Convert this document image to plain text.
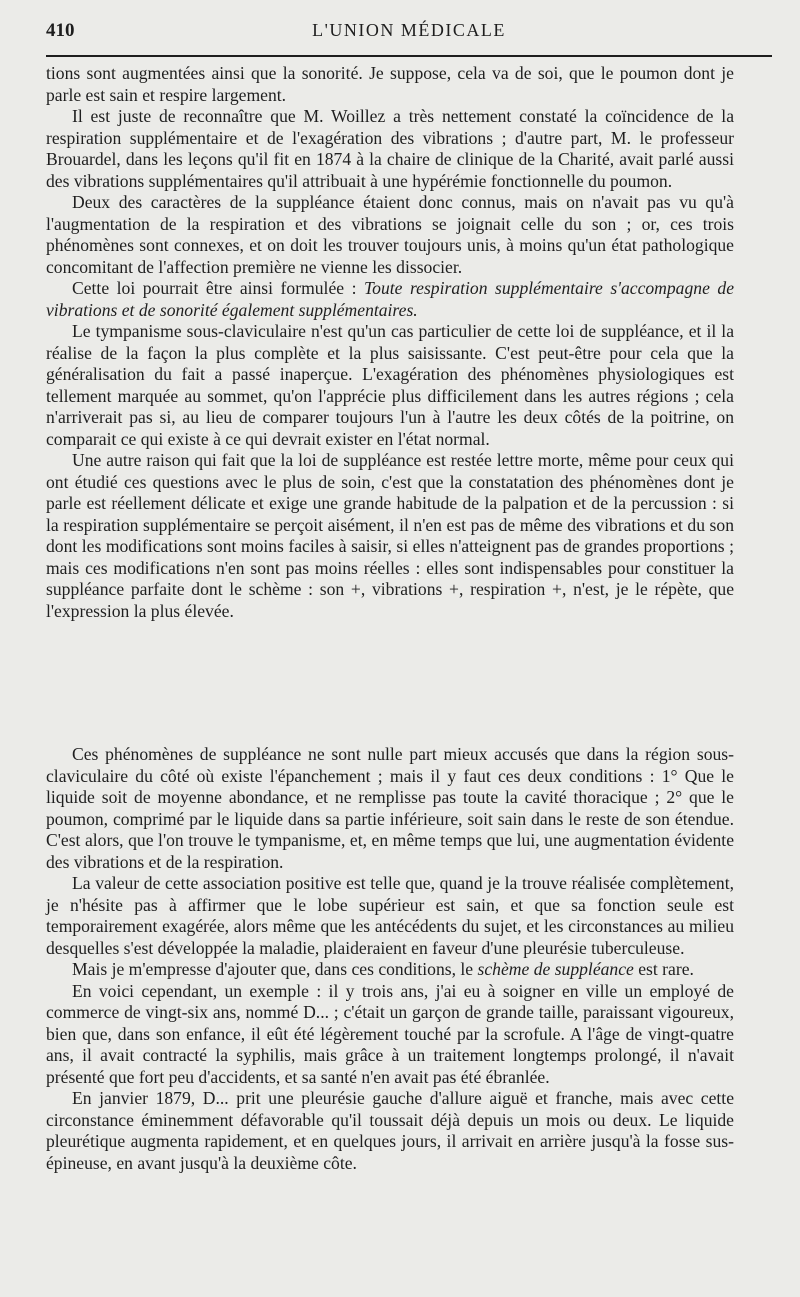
410	L'UNION MÉDICALE

tions sont augmentées ainsi que la sonorité. Je suppose, cela va de soi, que le poumon dont je parle est sain et respire largement.

Il est juste de reconnaître que M. Woillez a très nettement constaté la coïncidence de la respiration supplémentaire et de l'exagération des vibrations ; d'autre part, M. le professeur Brouardel, dans les leçons qu'il fit en 1874 à la chaire de clinique de la Charité, avait parlé aussi des vibrations supplémentaires qu'il attribuait à une hypérémie fonctionnelle du poumon.

Deux des caractères de la suppléance étaient donc connus, mais on n'avait pas vu qu'à l'augmentation de la respiration et des vibrations se joignait celle du son ; or, ces trois phénomènes sont connexes, et on doit les trouver toujours unis, à moins qu'un état pathologique concomitant de l'affection première ne vienne les dissocier.

Cette loi pourrait être ainsi formulée : Toute respiration supplémentaire s'accompagne de vibrations et de sonorité également supplémentaires.

Le tympanisme sous-claviculaire n'est qu'un cas particulier de cette loi de suppléance, et il la réalise de la façon la plus complète et la plus saisissante. C'est peut-être pour cela que la généralisation du fait a passé inaperçue. L'exagération des phénomènes physiologiques est tellement marquée au sommet, qu'on l'apprécie plus difficilement dans les autres régions ; cela n'arriverait pas si, au lieu de comparer toujours l'un à l'autre les deux côtés de la poitrine, on comparait ce qui existe à ce qui devrait exister en l'état normal.

Une autre raison qui fait que la loi de suppléance est restée lettre morte, même pour ceux qui ont étudié ces questions avec le plus de soin, c'est que la constatation des phénomènes dont je parle est réellement délicate et exige une grande habitude de la palpation et de la percussion : si la respiration supplémentaire se perçoit aisément, il n'en est pas de même des vibrations et du son dont les modifications sont moins faciles à saisir, si elles n'atteignent pas de grandes proportions ; mais ces modifications n'en sont pas moins réelles : elles sont indispensables pour constituer la suppléance parfaite dont le schème : son +, vibrations +, respiration +, n'est, je le répète, que l'expression la plus élevée.

Ces phénomènes de suppléance ne sont nulle part mieux accusés que dans la région sous-claviculaire du côté où existe l'épanchement ; mais il y faut ces deux conditions : 1° Que le liquide soit de moyenne abondance, et ne remplisse pas toute la cavité thoracique ; 2° que le poumon, comprimé par le liquide dans sa partie inférieure, soit sain dans le reste de son étendue. C'est alors, que l'on trouve le tympanisme, et, en même temps que lui, une augmentation évidente des vibrations et de la respiration.

La valeur de cette association positive est telle que, quand je la trouve réalisée complètement, je n'hésite pas à affirmer que le lobe supérieur est sain, et que sa fonction seule est temporairement exagérée, alors même que les antécédents du sujet, et les circonstances au milieu desquelles s'est développée la maladie, plaideraient en faveur d'une pleurésie tuberculeuse.

Mais je m'empresse d'ajouter que, dans ces conditions, le schème de suppléance est rare.

En voici cependant, un exemple : il y trois ans, j'ai eu à soigner en ville un employé de commerce de vingt-six ans, nommé D... ; c'était un garçon de grande taille, paraissant vigoureux, bien que, dans son enfance, il eût été légèrement touché par la scrofule. A l'âge de vingt-quatre ans, il avait contracté la syphilis, mais grâce à un traitement longtemps prolongé, il n'avait présenté que fort peu d'accidents, et sa santé n'en avait pas été ébranlée.

En janvier 1879, D... prit une pleurésie gauche d'allure aiguë et franche, mais avec cette circonstance éminemment défavorable qu'il toussait déjà depuis un mois ou deux. Le liquide pleurétique augmenta rapidement, et en quelques jours, il arrivait en arrière jusqu'à la fosse sus-épineuse, en avant jusqu'à la deuxième côte.
